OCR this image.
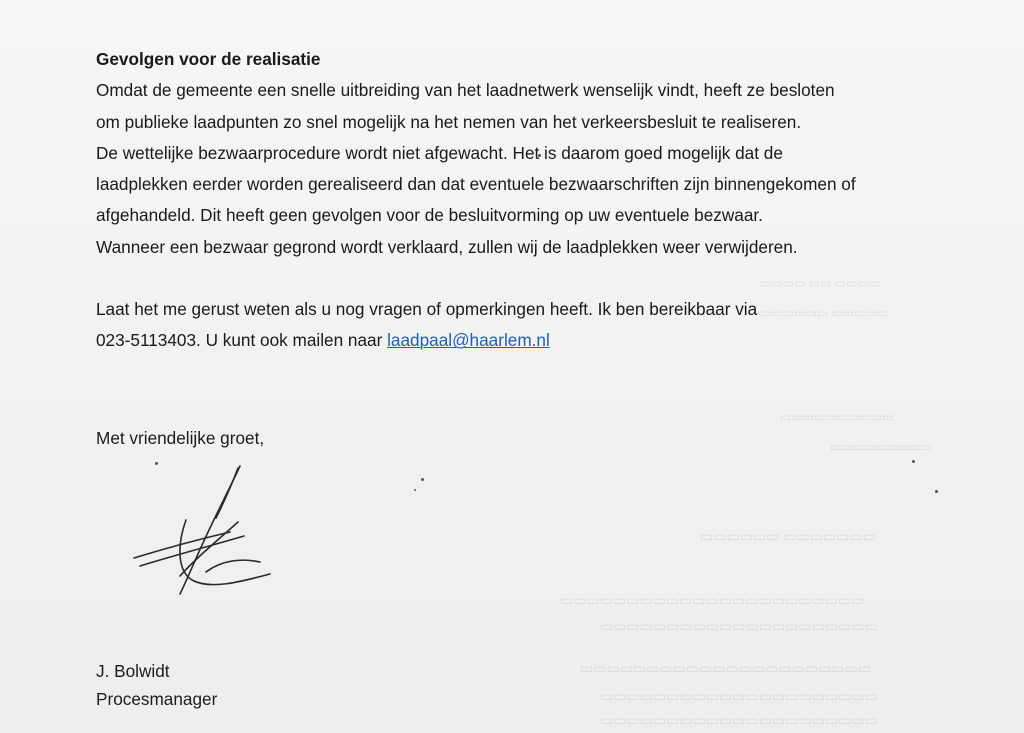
▭▭▭▭ ▭▭ ▭▭▭▭
▭▭▭▭▭ ▭▭▭▭▭▭
▭▭▭▭▭▭▭▭▭▭
▭▭▭▭▭▭▭▭▭
▭▭▭▭▭▭▭ ▭▭▭▭▭▭
▭▭▭▭▭▭▭▭▭▭▭▭▭▭▭▭▭▭▭▭▭▭▭
▭▭▭▭▭▭▭▭▭▭▭▭▭▭▭▭▭▭▭▭▭
▭▭▭▭▭▭▭▭▭▭▭▭▭▭▭▭▭▭▭▭▭▭
▭▭▭▭▭▭▭▭▭▭▭▭▭▭▭▭▭▭▭▭▭
▭▭▭▭▭▭▭▭▭▭▭▭▭▭▭▭▭▭▭▭▭

Gevolgen voor de realisatie

Omdat de gemeente een snelle uitbreiding van het laadnetwerk wenselijk vindt, heeft ze besloten
om publieke laadpunten zo snel mogelijk na het nemen van het verkeersbesluit te realiseren.
De wettelijke bezwaarprocedure wordt niet afgewacht. Het is daarom goed mogelijk dat de
laadplekken eerder worden gerealiseerd dan dat eventuele bezwaarschriften zijn binnengekomen of
afgehandeld. Dit heeft geen gevolgen voor de besluitvorming op uw eventuele bezwaar.
Wanneer een bezwaar gegrond wordt verklaard, zullen wij de laadplekken weer verwijderen.

Laat het me gerust weten als u nog vragen of opmerkingen heeft. Ik ben bereikbaar via
023-5113403. U kunt ook mailen naar laadpaal@haarlem.nl

Met vriendelijke groet,
J. Bolwidt
Procesmanager
